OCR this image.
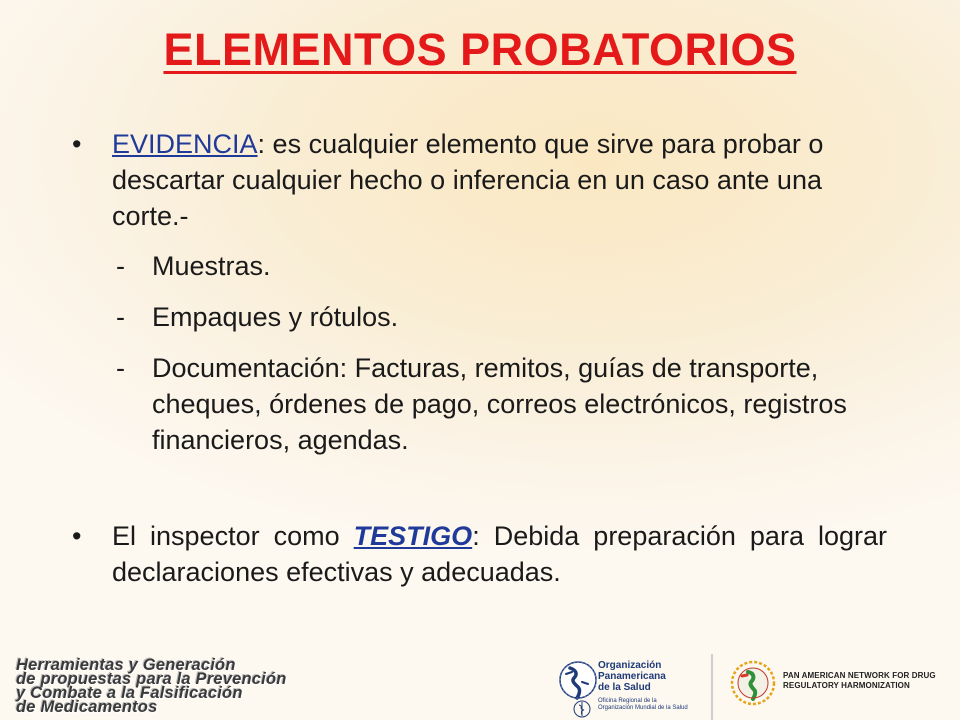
ELEMENTOS PROBATORIOS
• EVIDENCIA: es cualquier elemento que sirve para probar o descartar cualquier hecho o inferencia en un caso ante una corte.-
- Muestras.
- Empaques y rótulos.
- Documentación: Facturas, remitos, guías de transporte, cheques, órdenes de pago, correos electrónicos, registros financieros, agendas.
• El inspector como TESTIGO: Debida preparación para lograr declaraciones efectivas y adecuadas.
Herramientas y Generación
de propuestas para la Prevención
y Combate a la Falsificación
de Medicamentos
Organización
Panamericana
de la Salud
Oficina Regional de la
Organización Mundial de la Salud
PAN AMERICAN NETWORK FOR DRUG
REGULATORY HARMONIZATION
